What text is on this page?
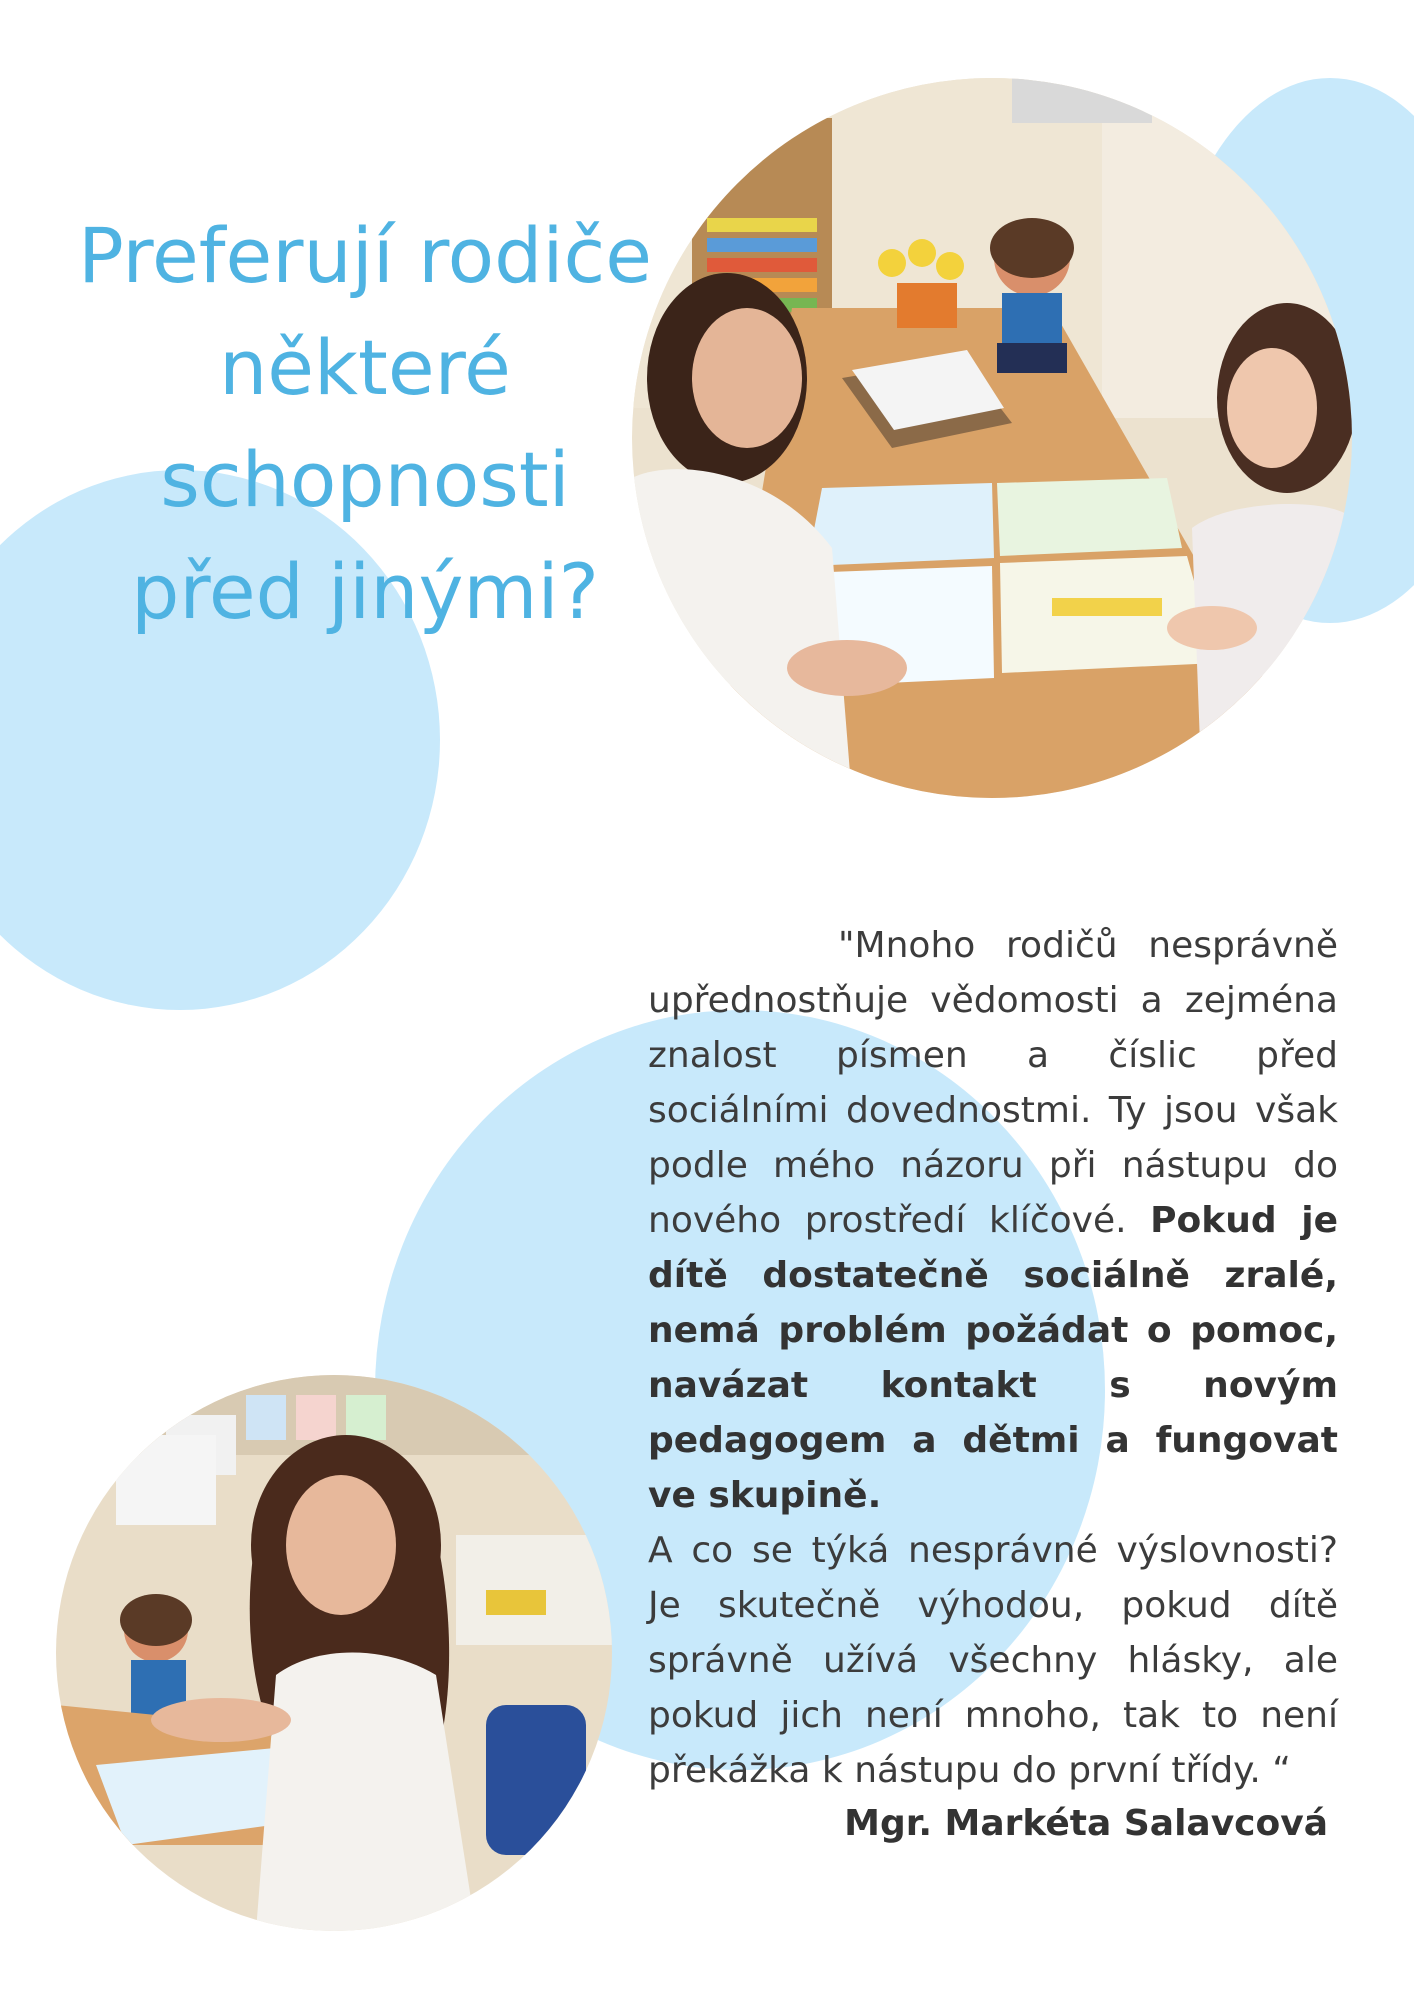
Preferují rodiče
některé
schopnosti
před jinými?
"Mnoho rodičů nesprávně upřednostňuje vědomosti a zejména znalost písmen a číslic před sociálními dovednostmi. Ty jsou však podle mého názoru při nástupu do nového prostředí klíčové. Pokud je dítě dostatečně sociálně zralé, nemá problém požádat o pomoc, navázat kontakt s novým pedagogem a dětmi a fungovat ve skupině.
A co se týká nesprávné výslovnosti? Je skutečně výhodou, pokud dítě správně užívá všechny hlásky, ale pokud jich není mnoho, tak to není překážka k nástupu do první třídy. “
Mgr. Markéta Salavcová
